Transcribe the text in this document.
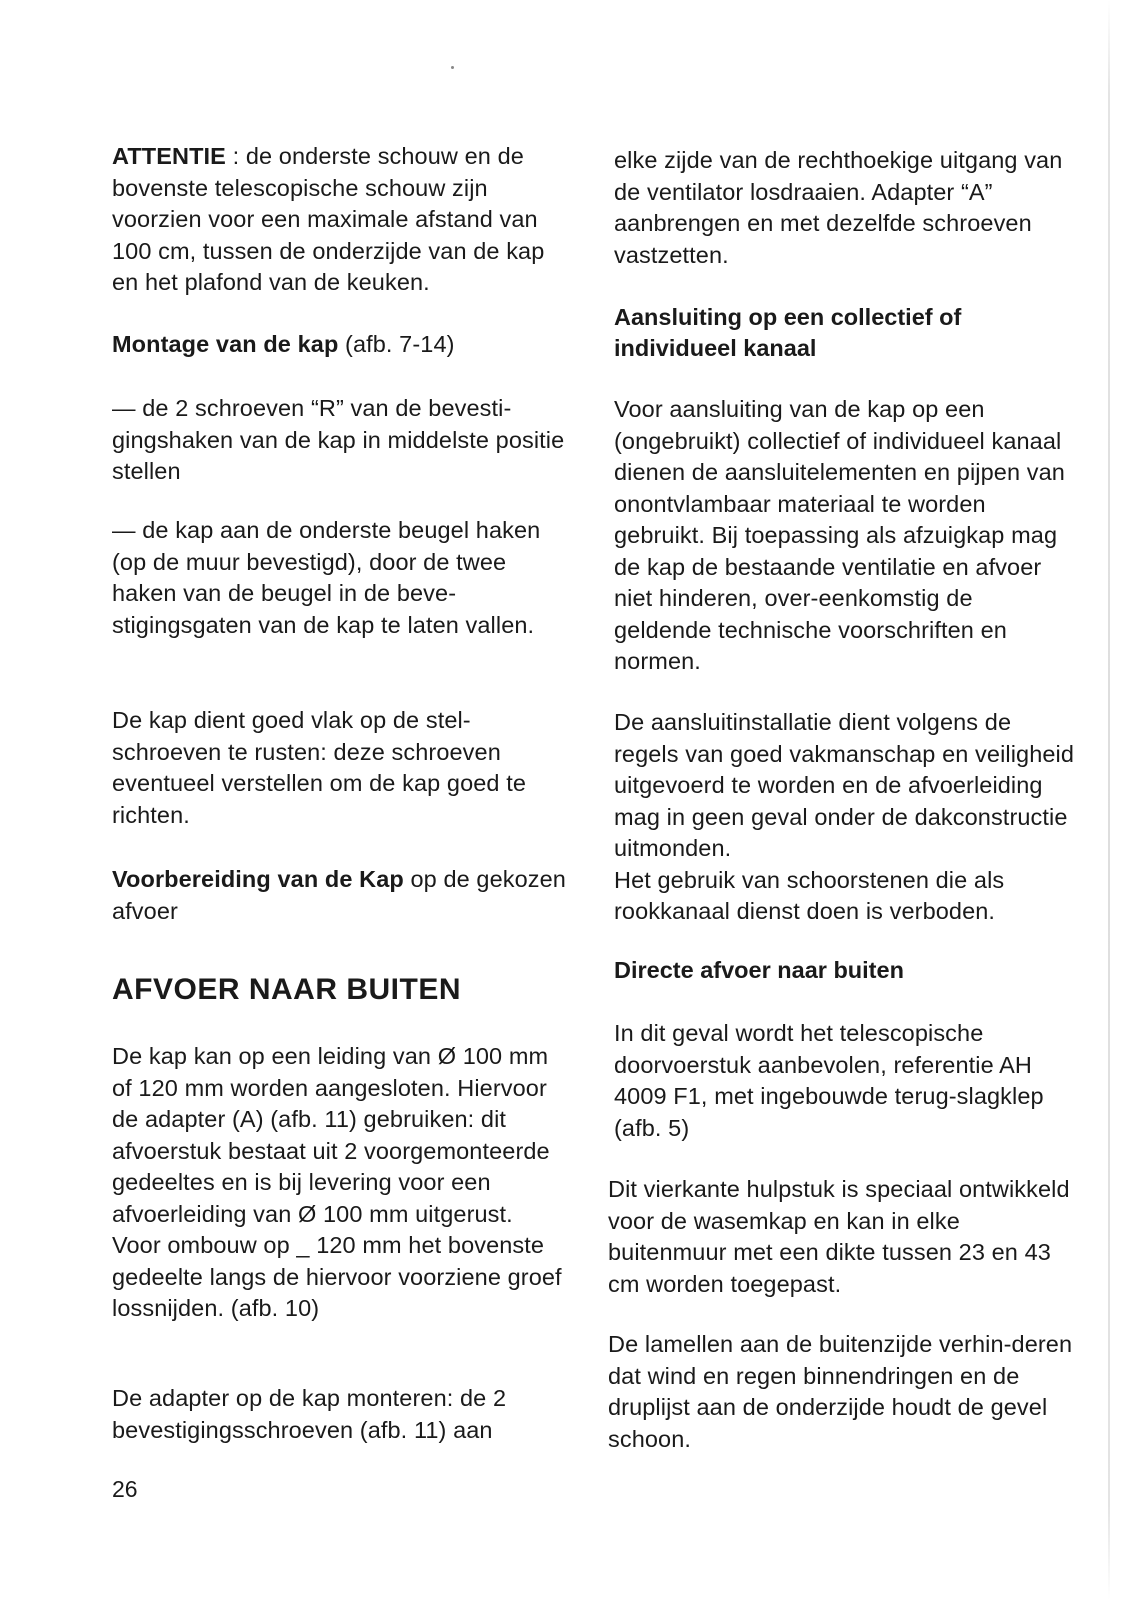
ATTENTIE : de onderste schouw en de bovenste telescopische schouw zijn voorzien voor een maximale afstand van 100 cm, tussen de onderzijde van de kap en het plafond van de keuken.

Montage van de kap (afb. 7-14)

— de 2 schroeven “R” van de bevesti-gingshaken van de kap in middelste positie stellen

— de kap aan de onderste beugel haken (op de muur bevestigd), door de twee haken van de beugel in de beve-stigingsgaten van de kap te laten vallen.

De kap dient goed vlak op de stel-schroeven te rusten: deze schroeven eventueel verstellen om de kap goed te richten.

Voorbereiding van de Kap op de gekozen afvoer

AFVOER NAAR BUITEN

De kap kan op een leiding van Ø 100 mm of 120 mm worden aangesloten. Hiervoor de adapter (A) (afb. 11) gebruiken: dit afvoerstuk bestaat uit 2 voorgemonteerde gedeeltes en is bij levering voor een afvoerleiding van Ø 100 mm uitgerust. Voor ombouw op _ 120 mm het bovenste gedeelte langs de hiervoor voorziene groef lossnijden. (afb. 10)

De adapter op de kap monteren: de 2 bevestigingsschroeven (afb. 11) aan

elke zijde van de rechthoekige uitgang van de ventilator losdraaien. Adapter “A” aanbrengen en met dezelfde schroeven vastzetten.

Aansluiting op een collectief of individueel kanaal

Voor aansluiting van de kap op een (ongebruikt) collectief of individueel kanaal dienen de aansluitelementen en pijpen van onontvlambaar materiaal te worden gebruikt. Bij toepassing als afzuigkap mag de kap de bestaande ventilatie en afvoer niet hinderen, over-eenkomstig de geldende technische voorschriften en normen.

De aansluitinstallatie dient volgens de regels van goed vakmanschap en veiligheid uitgevoerd te worden en de afvoerleiding mag in geen geval onder de dakconstructie uitmonden.
Het gebruik van schoorstenen die als rookkanaal dienst doen is verboden.

Directe afvoer naar buiten

In dit geval wordt het telescopische doorvoerstuk aanbevolen, referentie AH 4009 F1, met ingebouwde terug-slagklep (afb. 5)

Dit vierkante hulpstuk is speciaal ontwikkeld voor de wasemkap en kan in elke buitenmuur met een dikte tussen 23 en 43 cm worden toegepast.

De lamellen aan de buitenzijde verhin-deren dat wind en regen binnendringen en de druplijst aan de onderzijde houdt de gevel schoon.

26
